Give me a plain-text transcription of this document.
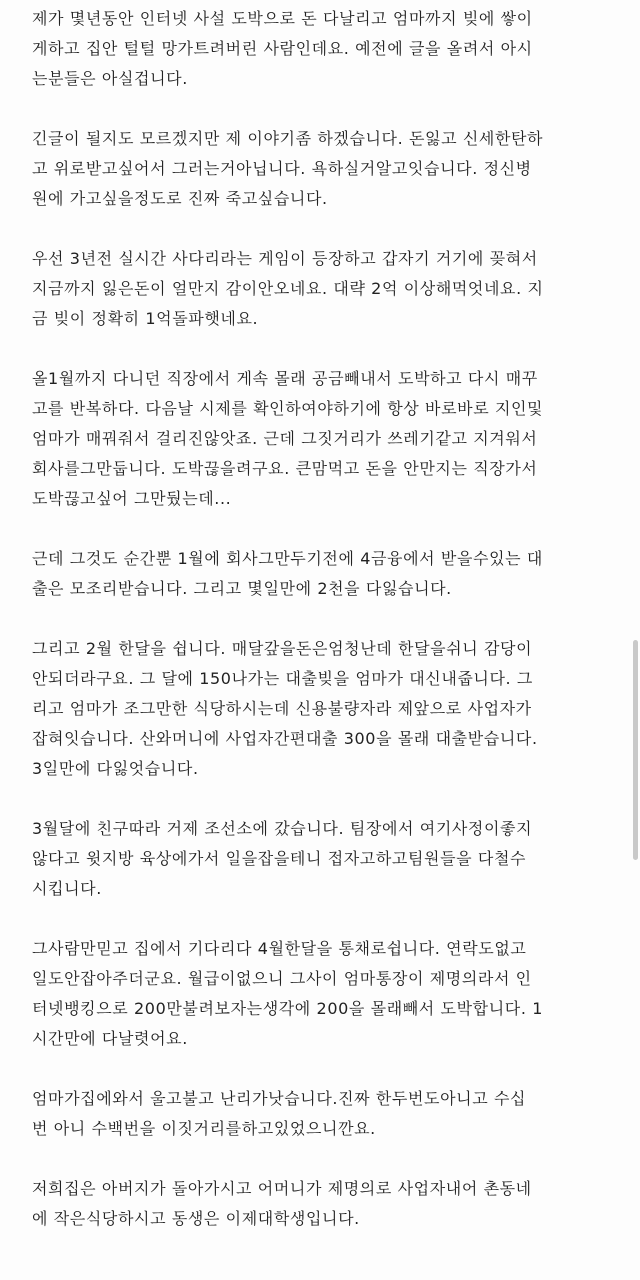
제가 몇년동안 인터넷 사설 도박으로 돈 다날리고 엄마까지 빚에 쌓이
게하고 집안 털털 망가트려버린 사람인데요. 예전에 글을 올려서 아시
는분들은 아실겁니다.
긴글이 될지도 모르겠지만 제 이야기좀 하겠습니다. 돈잃고 신세한탄하
고 위로받고싶어서 그러는거아닙니다. 욕하실거알고잇습니다. 정신병
원에 가고싶을정도로 진짜 죽고싶습니다.
우선 3년전 실시간 사다리라는 게임이 등장하고 갑자기 거기에 꽂혀서
지금까지 잃은돈이 얼만지 감이안오네요. 대략 2억 이상해먹엇네요. 지
금 빚이 정확히 1억돌파햇네요.
올1월까지 다니던 직장에서 게속 몰래 공금빼내서 도박하고 다시 매꾸
고를 반복하다. 다음날 시제를 확인하여야하기에 항상 바로바로 지인및
엄마가 매꿔줘서 걸리진않앗죠. 근데 그짓거리가 쓰레기같고 지겨워서
회사를그만둡니다. 도박끊을려구요. 큰맘먹고 돈을 안만지는 직장가서
도박끊고싶어 그만뒀는데...
근데 그것도 순간뿐 1월에 회사그만두기전에 4금융에서 받을수있는 대
출은 모조리받습니다. 그리고 몇일만에 2천을 다잃습니다.
그리고 2월 한달을 쉽니다. 매달갚을돈은엄청난데 한달을쉬니 감당이
안되더라구요. 그 달에 150나가는 대출빚을 엄마가 대신내줍니다. 그
리고 엄마가 조그만한 식당하시는데 신용불량자라 제앞으로 사업자가
잡혀잇습니다. 산와머니에 사업자간편대출 300을 몰래 대출받습니다.
3일만에 다잃엇습니다.
3월달에 친구따라 거제 조선소에 갔습니다. 팀장에서 여기사정이좋지
않다고 윗지방 육상에가서 일을잡을테니 접자고하고팀원들을 다철수
시킵니다.
그사람만믿고 집에서 기다리다 4월한달을 통채로쉽니다. 연락도없고
일도안잡아주더군요. 월급이없으니 그사이 엄마통장이 제명의라서 인
터넷뱅킹으로 200만불려보자는생각에 200을 몰래빼서 도박합니다. 1
시간만에 다날렷어요.
엄마가집에와서 울고불고 난리가낫습니다.진짜 한두번도아니고 수십
번 아니 수백번을 이짓거리를하고있었으니깐요.
저희집은 아버지가 돌아가시고 어머니가 제명의로 사업자내어 촌동네
에 작은식당하시고 동생은 이제대학생입니다.
